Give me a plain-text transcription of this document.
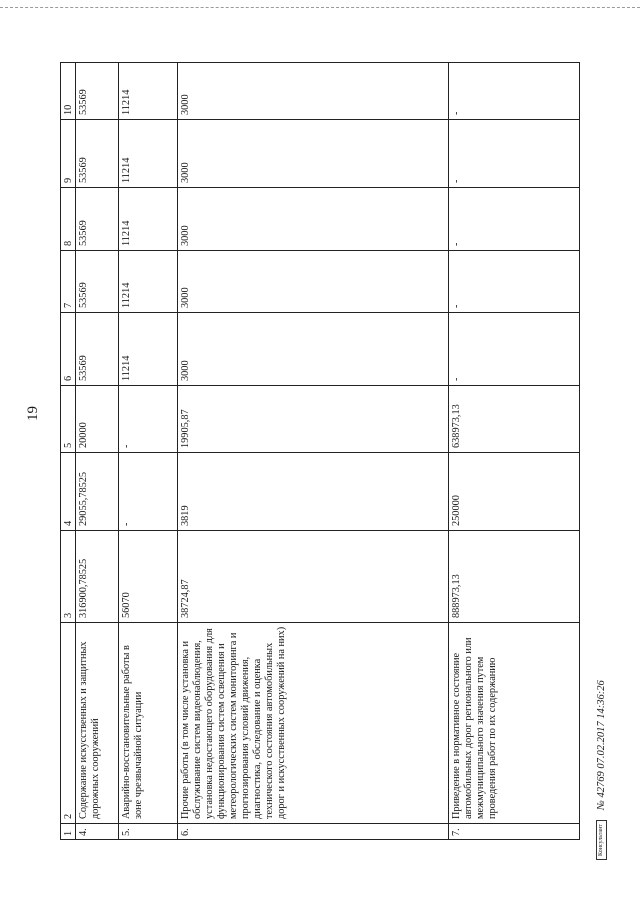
19
1
2
3
4
5
6
7
8
9
10
4.
Содержание искусственных и защитных дорожных сооружений
316900,78525
29055,78525
20000
53569
53569
53569
53569
53569
5.
Аварийно-восстановительные работы в зоне чрезвычайной ситуации
56070
-
-
11214
11214
11214
11214
11214
6.
Прочие работы (в том числе установка и обслуживание систем видеонаблюдения, установка недостающего оборудования для функционирования систем освещения и метеорологических систем мониторинга и прогнозирования условий движения, диагностика, обследование и оценка технического состояния автомобильных дорог и искусственных сооружений на них)
38724,87
3819
19905,87
3000
3000
3000
3000
3000
7.
Приведение в нормативное состояние автомобильных дорог регионального или межмуниципального значения путем проведения работ по их содержанию
888973,13
250000
638973,13
-
-
-
-
-
Консультант
№ 42769 07.02.2017 14:36:26
